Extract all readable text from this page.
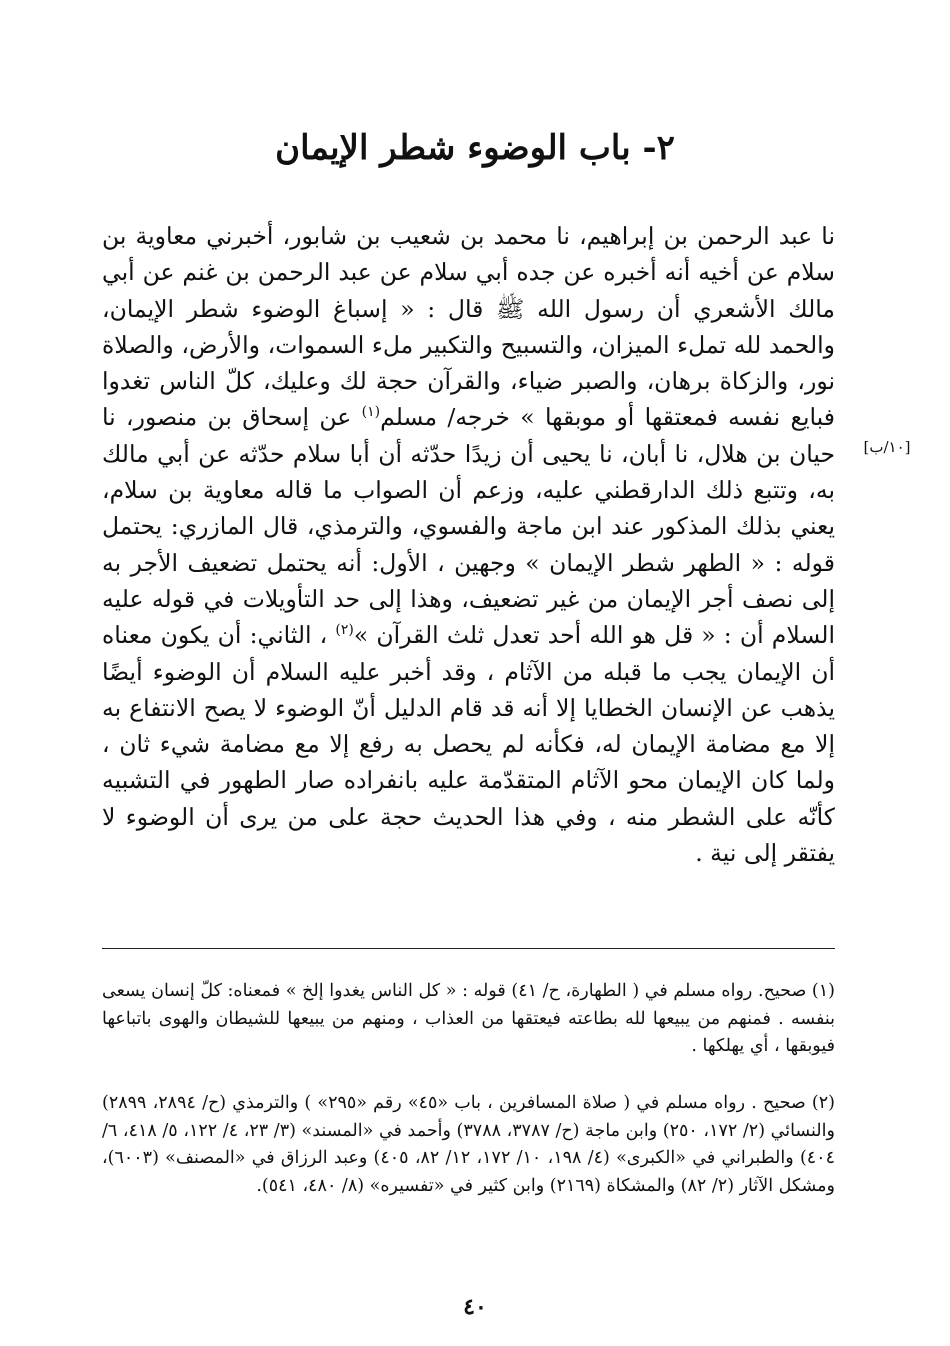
٢- باب الوضوء شطر الإيمان
[١٠/ب]
نا عبد الرحمن بن إبراهيم، نا محمد بن شعيب بن شابور، أخبرني معاوية بن سلام عن أخيه أنه أخبره عن جده أبي سلام عن عبد الرحمن بن غنم عن أبي مالك الأشعري أن رسول الله ﷺ قال : « إسباغ الوضوء شطر الإيمان، والحمد لله تملء الميزان، والتسبيح والتكبير ملء السموات، والأرض، والصلاة نور، والزكاة برهان، والصبر ضياء، والقرآن حجة لك وعليك، كلّ الناس تغدوا فبايع نفسه فمعتقها أو موبقها » خرجه/ مسلم$^{(١)}$ عن إسحاق بن منصور، نا حيان بن هلال، نا أبان، نا يحيى أن زيدًا حدّثه أن أبا سلام حدّثه عن أبي مالك به، وتتبع ذلك الدارقطني عليه، وزعم أن الصواب ما قاله معاوية بن سلام، يعني بذلك المذكور عند ابن ماجة والفسوي، والترمذي، قال المازري: يحتمل قوله : « الطهر شطر الإيمان » وجهين ، الأول: أنه يحتمل تضعيف الأجر به إلى نصف أجر الإيمان من غير تضعيف، وهذا إلى حد التأويلات في قوله عليه السلام أن : « قل هو الله أحد تعدل ثلث القرآن »$^{(٢)}$ ، الثاني: أن يكون معناه أن الإيمان يجب ما قبله من الآثام ، وقد أخبر عليه السلام أن الوضوء أيضًا يذهب عن الإنسان الخطايا إلا أنه قد قام الدليل أنّ الوضوء لا يصح الانتفاع به إلا مع مضامة الإيمان له، فكأنه لم يحصل به رفع إلا مع مضامة شيء ثان ، ولما كان الإيمان محو الآثام المتقدّمة عليه بانفراده صار الطهور في التشبيه كأنّه على الشطر منه ، وفي هذا الحديث حجة على من يرى أن الوضوء لا يفتقر إلى نية .
(١) صحيح. رواه مسلم في ( الطهارة، ح/ ٤١) قوله : « كل الناس يغدوا إلخ » فمعناه: كلّ إنسان يسعى بنفسه . فمنهم من يبيعها لله بطاعته فيعتقها من العذاب ، ومنهم من يبيعها للشيطان والهوى باتباعها فيوبقها ، أي يهلكها .
(٢) صحيح . رواه مسلم في ( صلاة المسافرين ، باب «٤٥» رقم «٢٩٥» ) والترمذي (ح/ ٢٨٩٤، ٢٨٩٩) والنسائي (٢/ ١٧٢، ٢٥٠) وابن ماجة (ح/ ٣٧٨٧، ٣٧٨٨) وأحمد في «المسند» (٣/ ٢٣، ٤/ ١٢٢، ٥/ ٤١٨، ٦/ ٤٠٤) والطبراني في «الكبرى» (٤/ ١٩٨، ١٠/ ١٧٢، ١٢/ ٨٢، ٤٠٥) وعبد الرزاق في «المصنف» (٦٠٠٣)، ومشكل الآثار (٢/ ٨٢) والمشكاة (٢١٦٩) وابن كثير في «تفسيره» (٨/ ٤٨٠، ٥٤١).
٤٠
